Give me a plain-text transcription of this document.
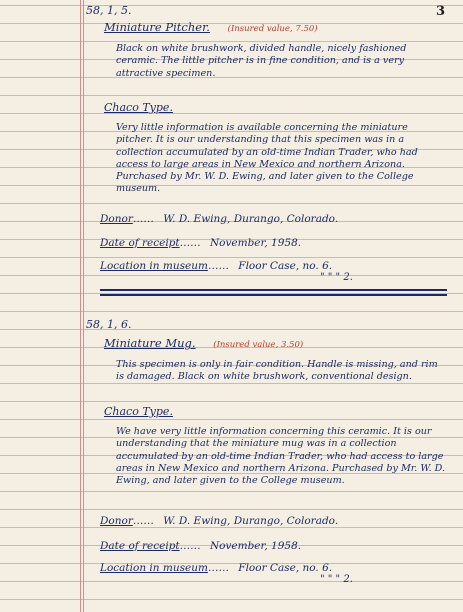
3
58, 1, 5.
Miniature Pitcher. (Insured value, 7.50)

Black on white brushwork, divided handle, nicely fashioned ceramic. The little pitcher is in fine condition, and is a very attractive specimen.

Chaco Type.

Very little information is available concerning the miniature pitcher. It is our understanding that this specimen was in a collection accumulated by an old-time Indian Trader, who had access to large areas in New Mexico and northern Arizona. Purchased by Mr. W. D. Ewing, and later given to the College museum.

Donor…… W. D. Ewing, Durango, Colorado.
Date of receipt…… November, 1958.
Location in museum…… Floor Case, no. 6.
" " " 2.
58, 1, 6.
Miniature Mug. (Insured value, 3.50)

This specimen is only in fair condition. Handle is missing, and rim is damaged. Black on white brushwork, conventional design.

Chaco Type.

We have very little information concerning this ceramic. It is our understanding that the miniature mug was in a collection accumulated by an old-time Indian Trader, who had access to large areas in New Mexico and northern Arizona. Purchased by Mr. W. D. Ewing, and later given to the College museum.

Donor…… W. D. Ewing, Durango, Colorado.
Date of receipt…… November, 1958.
Location in museum…… Floor Case, no. 6.
" " " 2.
